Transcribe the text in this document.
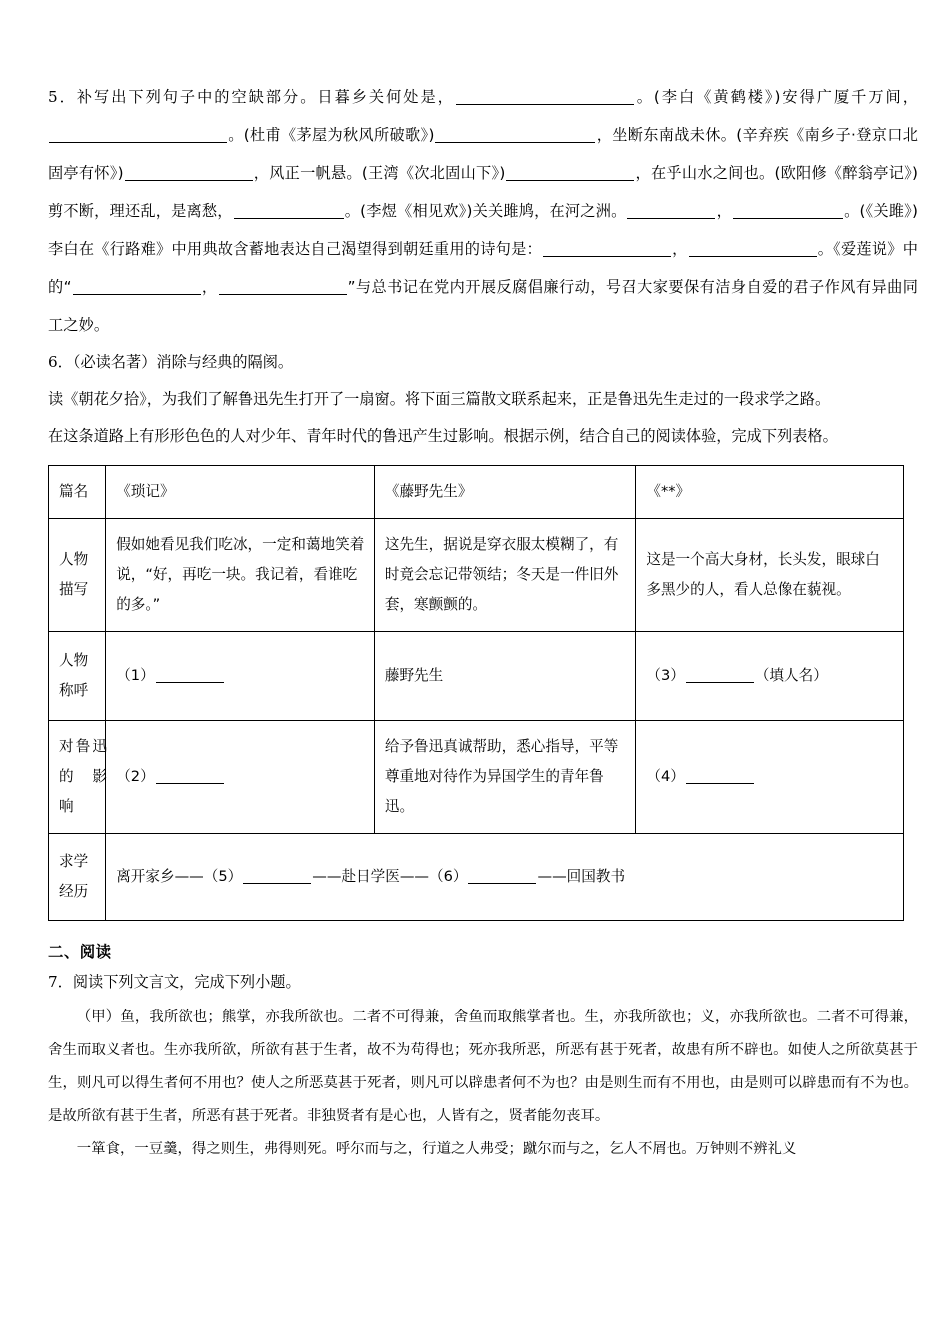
5．补写出下列句子中的空缺部分。日暮乡关何处是，	。(李白《黄鹤楼》)安得广厦千万间，。(杜甫《茅屋为秋风所破歌》)	，坐断东南战未休。(辛弃疾《南乡子·登京口北固亭有怀》)	，风正一帆悬。(王湾《次北固山下》)	，在乎山水之间也。(欧阳修《醉翁亭记》)剪不断，理还乱，是离愁，	。(李煜《相见欢》)关关雎鸠，在河之洲。	，	。(《关雎》)李白在《行路难》中用典故含蓄地表达自己渴望得到朝廷重用的诗句是：	，	。《爱莲说》中的“	，	”与总书记在党内开展反腐倡廉行动，号召大家要保有洁身自爱的君子作风有异曲同工之妙。
6．（必读名著）消除与经典的隔阂。
读《朝花夕拾》，为我们了解鲁迅先生打开了一扇窗。将下面三篇散文联系起来，正是鲁迅先生走过的一段求学之路。
在这条道路上有形形色色的人对少年、青年时代的鲁迅产生过影响。根据示例，结合自己的阅读体验，完成下列表格。
篇名	《琐记》	《藤野先生》	《**》
人物描写	假如她看见我们吃冰，一定和蔼地笑着说，“好，再吃一块。我记着，看谁吃的多。”	这先生，据说是穿衣服太模糊了，有时竟会忘记带领结；冬天是一件旧外套，寒颤颤的。	这是一个高大身材，长头发，眼球白多黑少的人，看人总像在藐视。
人物称呼	（1）	藤野先生	（3） （填人名）

对鲁迅
的影
响	（2）	给予鲁迅真诚帮助，悉心指导，平等尊重地对待作为异国学生的青年鲁迅。	（4）
求学经历	离开家乡——（5） ——赴日学医——（6） ——回国教书		
二、阅读
7．阅读下列文言文，完成下列小题。

（甲）鱼，我所欲也；熊掌，亦我所欲也。二者不可得兼，舍鱼而取熊掌者也。生，亦我所欲也；义，亦我所欲也。二者不可得兼，舍生而取义者也。生亦我所欲，所欲有甚于生者，故不为苟得也；死亦我所恶，所恶有甚于死者，故患有所不辟也。如使人之所欲莫甚于生，则凡可以得生者何不用也？使人之所恶莫甚于死者，则凡可以辟患者何不为也？由是则生而有不用也，由是则可以辟患而有不为也。是故所欲有甚于生者，所恶有甚于死者。非独贤者有是心也，人皆有之，贤者能勿丧耳。

一箪食，一豆羹，得之则生，弗得则死。呼尔而与之，行道之人弗受；蹴尔而与之，乞人不屑也。万钟则不辨礼义
